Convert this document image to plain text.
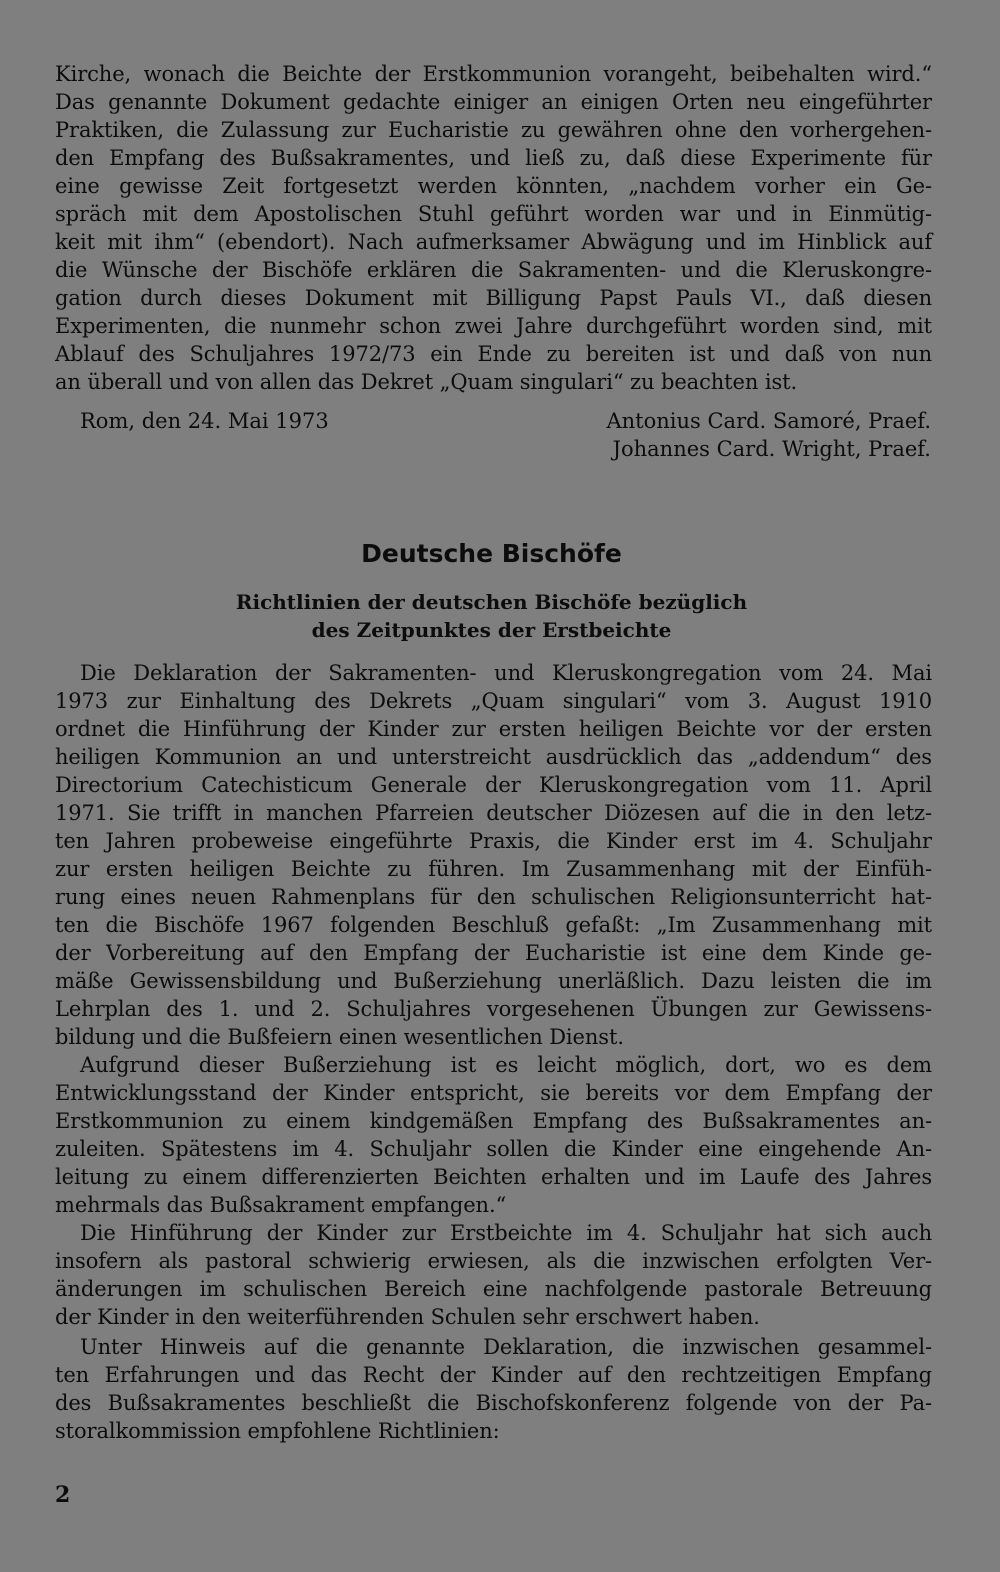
Kirche, wonach die Beichte der Erstkommunion vorangeht, beibehalten wird.“
Das genannte Dokument gedachte einiger an einigen Orten neu eingeführter
Praktiken, die Zulassung zur Eucharistie zu gewähren ohne den vorhergehen-
den Empfang des Bußsakramentes, und ließ zu, daß diese Experimente für
eine gewisse Zeit fortgesetzt werden könnten, „nachdem vorher ein Ge-
spräch mit dem Apostolischen Stuhl geführt worden war und in Einmütig-
keit mit ihm“ (ebendort). Nach aufmerksamer Abwägung und im Hinblick auf
die Wünsche der Bischöfe erklären die Sakramenten- und die Kleruskongre-
gation durch dieses Dokument mit Billigung Papst Pauls VI., daß diesen
Experimenten, die nunmehr schon zwei Jahre durchgeführt worden sind, mit
Ablauf des Schuljahres 1972/73 ein Ende zu bereiten ist und daß von nun
an überall und von allen das Dekret „Quam singulari“ zu beachten ist.
Rom, den 24. Mai 1973	Antonius Card. Samoré, Praef.
Johannes Card. Wright, Praef.
Deutsche Bischöfe
Richtlinien der deutschen Bischöfe bezüglich
des Zeitpunktes der Erstbeichte
Die Deklaration der Sakramenten- und Kleruskongregation vom 24. Mai
1973 zur Einhaltung des Dekrets „Quam singulari“ vom 3. August 1910
ordnet die Hinführung der Kinder zur ersten heiligen Beichte vor der ersten
heiligen Kommunion an und unterstreicht ausdrücklich das „addendum“ des
Directorium Catechisticum Generale der Kleruskongregation vom 11. April
1971. Sie trifft in manchen Pfarreien deutscher Diözesen auf die in den letz-
ten Jahren probeweise eingeführte Praxis, die Kinder erst im 4. Schuljahr
zur ersten heiligen Beichte zu führen. Im Zusammenhang mit der Einfüh-
rung eines neuen Rahmenplans für den schulischen Religionsunterricht hat-
ten die Bischöfe 1967 folgenden Beschluß gefaßt: „Im Zusammenhang mit
der Vorbereitung auf den Empfang der Eucharistie ist eine dem Kinde ge-
mäße Gewissensbildung und Bußerziehung unerläßlich. Dazu leisten die im
Lehrplan des 1. und 2. Schuljahres vorgesehenen Übungen zur Gewissens-
bildung und die Bußfeiern einen wesentlichen Dienst.
Aufgrund dieser Bußerziehung ist es leicht möglich, dort, wo es dem
Entwicklungsstand der Kinder entspricht, sie bereits vor dem Empfang der
Erstkommunion zu einem kindgemäßen Empfang des Bußsakramentes an-
zuleiten. Spätestens im 4. Schuljahr sollen die Kinder eine eingehende An-
leitung zu einem differenzierten Beichten erhalten und im Laufe des Jahres
mehrmals das Bußsakrament empfangen.“
Die Hinführung der Kinder zur Erstbeichte im 4. Schuljahr hat sich auch
insofern als pastoral schwierig erwiesen, als die inzwischen erfolgten Ver-
änderungen im schulischen Bereich eine nachfolgende pastorale Betreuung
der Kinder in den weiterführenden Schulen sehr erschwert haben.
Unter Hinweis auf die genannte Deklaration, die inzwischen gesammel-
ten Erfahrungen und das Recht der Kinder auf den rechtzeitigen Empfang
des Bußsakramentes beschließt die Bischofskonferenz folgende von der Pa-
storalkommission empfohlene Richtlinien:
2
